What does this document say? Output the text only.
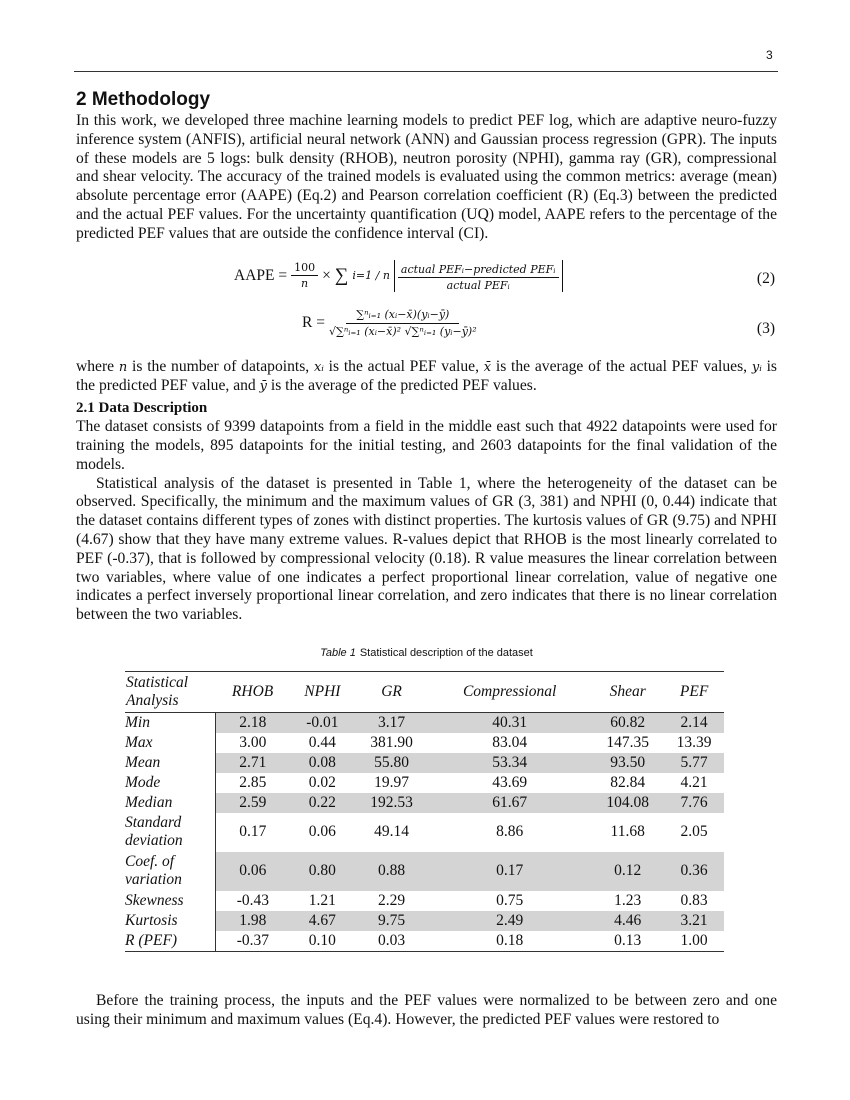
3
2 Methodology

In this work, we developed three machine learning models to predict PEF log, which are adaptive neuro-fuzzy inference system (ANFIS), artificial neural network (ANN) and Gaussian process regression (GPR). The inputs of these models are 5 logs: bulk density (RHOB), neutron porosity (NPHI), gamma ray (GR), compressional and shear velocity. The accuracy of the trained models is evaluated using the common metrics: average (mean) absolute percentage error (AAPE) (Eq.2) and Pearson correlation coefficient (R) (Eq.3) between the predicted and the actual PEF values. For the uncertainty quantification (UQ) model, AAPE refers to the percentage of the predicted PEF values that are outside the confidence interval (CI).

AAPE = $\frac{100}{n}$ × ∑ i=1 / n $\frac{\text{actual PEFᵢ−predicted PEFᵢ}}{\text{actual PEFᵢ}}$	(2)
$R = \frac{\text{∑ⁿᵢ₌₁ (xᵢ−x̄)(yᵢ−ȳ)}}{\text{√∑ⁿᵢ₌₁ (xᵢ−x̄)² √∑ⁿᵢ₌₁ (yᵢ−ȳ)²}}$	(3)

where n is the number of datapoints, xᵢ is the actual PEF value, x̄ is the average of the actual PEF values, yᵢ is the predicted PEF value, and ȳ is the average of the predicted PEF values.

2.1 Data Description

The dataset consists of 9399 datapoints from a field in the middle east such that 4922 datapoints were used for training the models, 895 datapoints for the initial testing, and 2603 datapoints for the final validation of the models.

Statistical analysis of the dataset is presented in Table 1, where the heterogeneity of the dataset can be observed. Specifically, the minimum and the maximum values of GR (3, 381) and NPHI (0, 0.44) indicate that the dataset contains different types of zones with distinct properties. The kurtosis values of GR (9.75) and NPHI (4.67) show that they have many extreme values. R-values depict that RHOB is the most linearly correlated to PEF (-0.37), that is followed by compressional velocity (0.18). R value measures the linear correlation between two variables, where value of one indicates a perfect proportional linear correlation, value of negative one indicates a perfect inversely proportional linear correlation, and zero indicates that there is no linear correlation between the two variables.

Table 1 Statistical description of the dataset
Statistical Analysis	RHOB	NPHI	GR	Compressional	Shear	PEF
Min	2.18	-0.01	3.17	40.31	60.82	2.14
Max	3.00	0.44	381.90	83.04	147.35	13.39
Mean	2.71	0.08	55.80	53.34	93.50	5.77
Mode	2.85	0.02	19.97	43.69	82.84	4.21
Median	2.59	0.22	192.53	61.67	104.08	7.76
Standard deviation	0.17	0.06	49.14	8.86	11.68	2.05
Coef. of variation	0.06	0.80	0.88	0.17	0.12	0.36
Skewness	-0.43	1.21	2.29	0.75	1.23	0.83
Kurtosis	1.98	4.67	9.75	2.49	4.46	3.21
R (PEF)	-0.37	0.10	0.03	0.18	0.13	1.00

Before the training process, the inputs and the PEF values were normalized to be between zero and one using their minimum and maximum values (Eq.4). However, the predicted PEF values were restored to
